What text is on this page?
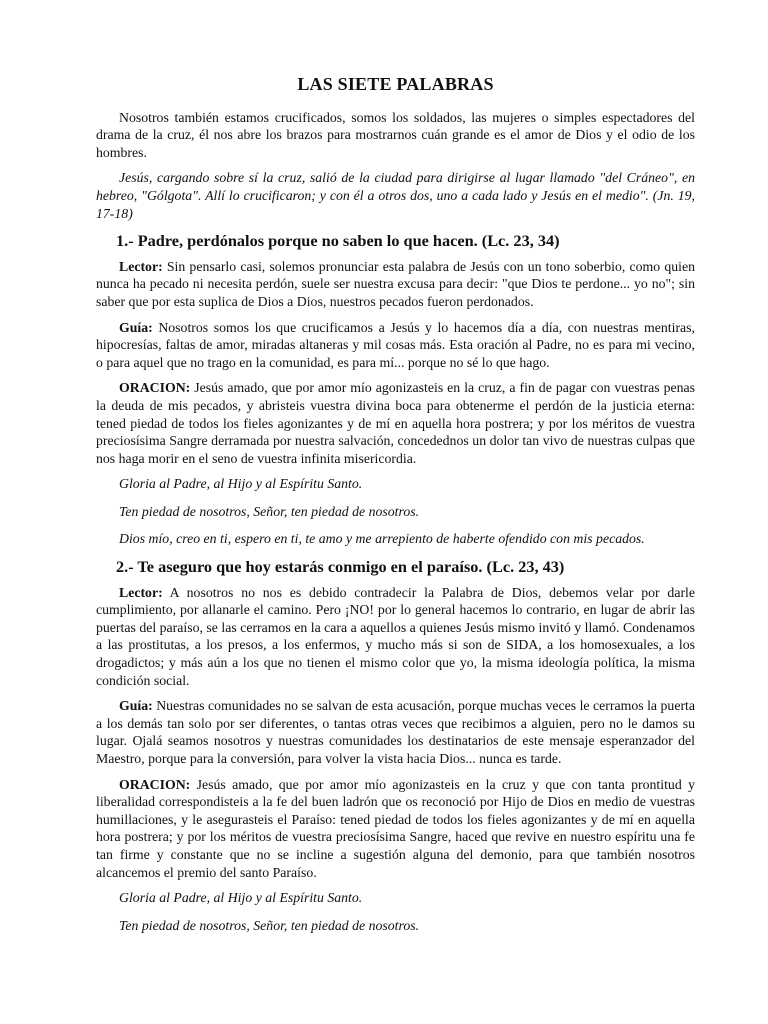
LAS SIETE PALABRAS

Nosotros también estamos crucificados, somos los soldados, las mujeres o simples espectadores del drama de la cruz, él nos abre los brazos para mostrarnos cuán grande es el amor de Dios y el odio de los hombres.

Jesús, cargando sobre sí la cruz, salió de la ciudad para dirigirse al lugar llamado "del Cráneo", en hebreo, "Gólgota". Allí lo crucificaron; y con él a otros dos, uno a cada lado y Jesús en el medio". (Jn. 19, 17-18)

1.- Padre, perdónalos porque no saben lo que hacen. (Lc. 23, 34)

Lector: Sin pensarlo casi, solemos pronunciar esta palabra de Jesús con un tono soberbio, como quien nunca ha pecado ni necesita perdón, suele ser nuestra excusa para decir: "que Dios te perdone... yo no"; sin saber que por esta suplica de Dios a Dios, nuestros pecados fueron perdonados.

Guía: Nosotros somos los que crucificamos a Jesús y lo hacemos día a día, con nuestras mentiras, hipocresías, faltas de amor, miradas altaneras y mil cosas más. Esta oración al Padre, no es para mi vecino, o para aquel que no trago en la comunidad, es para mí... porque no sé lo que hago.

ORACION: Jesús amado, que por amor mío agonizasteis en la cruz, a fin de pagar con vuestras penas la deuda de mis pecados, y abristeis vuestra divina boca para obtenerme el perdón de la justicia eterna: tened piedad de todos los fieles agonizantes y de mí en aquella hora postrera; y por los méritos de vuestra preciosísima Sangre derramada por nuestra salvación, concedednos un dolor tan vivo de nuestras culpas que nos haga morir en el seno de vuestra infinita misericordia.

Gloria al Padre, al Hijo y al Espíritu Santo.

Ten piedad de nosotros, Señor, ten piedad de nosotros.

Dios mío, creo en ti, espero en ti, te amo y me arrepiento de haberte ofendido con mis pecados.

2.- Te aseguro que hoy estarás conmigo en el paraíso. (Lc. 23, 43)

Lector: A nosotros no nos es debido contradecir la Palabra de Dios, debemos velar por darle cumplimiento, por allanarle el camino. Pero ¡NO! por lo general hacemos lo contrario, en lugar de abrir las puertas del paraíso, se las cerramos en la cara a aquellos a quienes Jesús mismo invitó y llamó. Condenamos a las prostitutas, a los presos, a los enfermos, y mucho más si son de SIDA, a los homosexuales, a los drogadictos; y más aún a los que no tienen el mismo color que yo, la misma ideología política, la misma condición social.

Guía: Nuestras comunidades no se salvan de esta acusación, porque muchas veces le cerramos la puerta a los demás tan solo por ser diferentes, o tantas otras veces que recibimos a alguien, pero no le damos su lugar. Ojalá seamos nosotros y nuestras comunidades los destinatarios de este mensaje esperanzador del Maestro, porque para la conversión, para volver la vista hacia Dios... nunca es tarde.

ORACION: Jesús amado, que por amor mío agonizasteis en la cruz y que con tanta prontitud y liberalidad correspondisteis a la fe del buen ladrón que os reconoció por Hijo de Dios en medio de vuestras humillaciones, y le asegurasteis el Paraíso: tened piedad de todos los fieles agonizantes y de mí en aquella hora postrera; y por los méritos de vuestra preciosísima Sangre, haced que revive en nuestro espíritu una fe tan firme y constante que no se incline a sugestión alguna del demonio, para que también nosotros alcancemos el premio del santo Paraíso.

Gloria al Padre, al Hijo y al Espíritu Santo.

Ten piedad de nosotros, Señor, ten piedad de nosotros.
